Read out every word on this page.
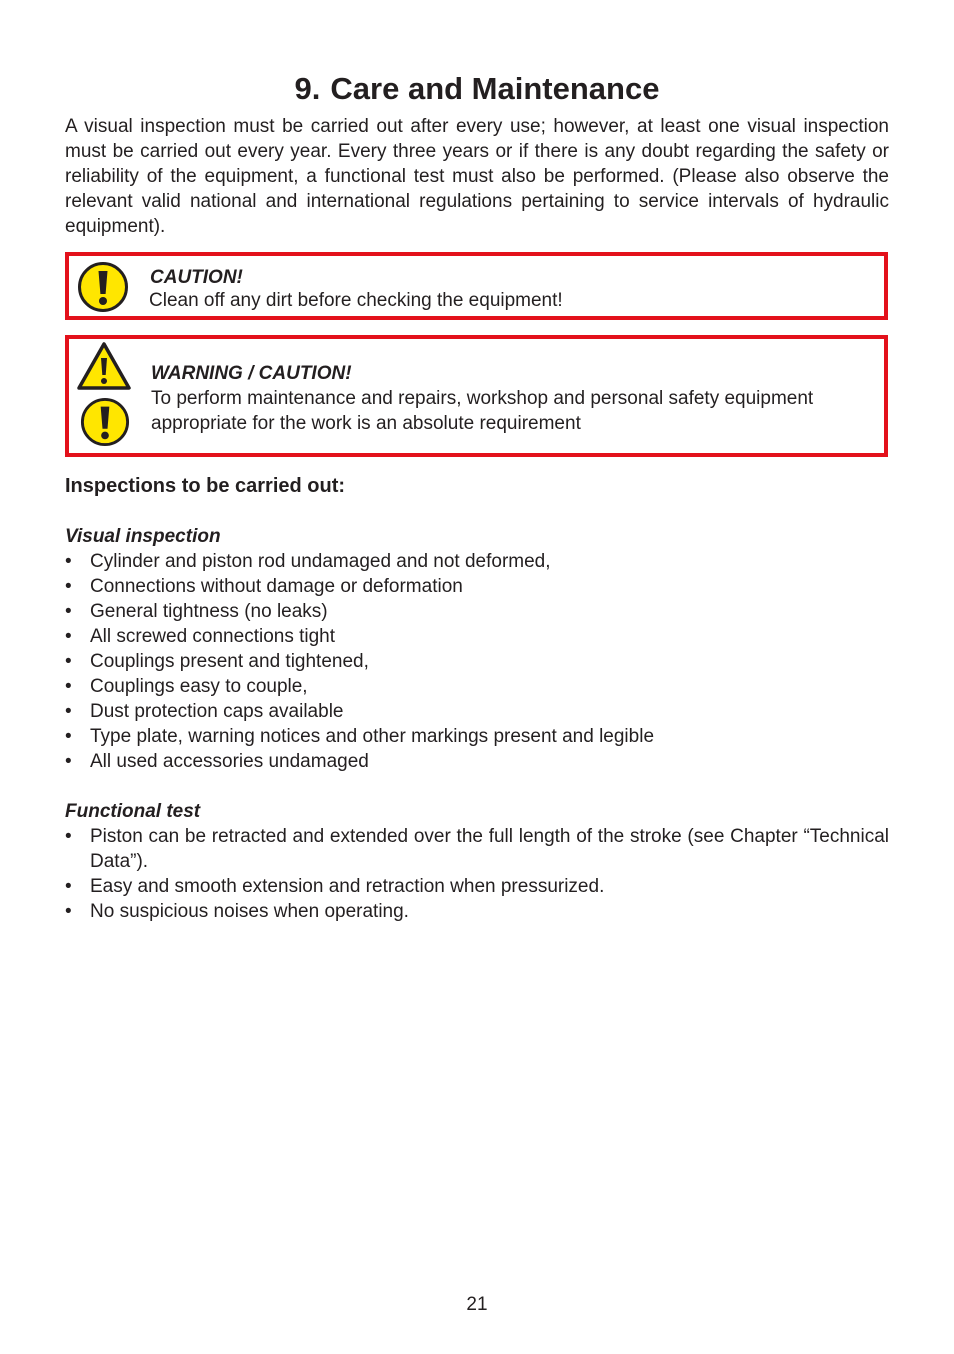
9. Care and Maintenance

A visual inspection must be carried out after every use; however, at least one visual inspection must be carried out every year. Every three years or if there is any doubt regarding the safety or reliability of the equipment, a functional test must also be performed. (Please also observe the relevant valid national and international regulations pertaining to service intervals of hydraulic equipment).

CAUTION!
Clean off any dirt before checking the equipment!
WARNING / CAUTION!
To perform maintenance and repairs, workshop and personal safety equipment appropriate for the work is an absolute requirement
Inspections to be carried out:
Visual inspection
• Cylinder and piston rod undamaged and not deformed,
• Connections without damage or deformation
• General tightness (no leaks)
• All screwed connections tight
• Couplings present and tightened,
• Couplings easy to couple,
• Dust protection caps available
• Type plate, warning notices and other markings present and legible
• All used accessories undamaged
Functional test
• Piston can be retracted and extended over the full length of the stroke (see Chapter “Technical Data”).
• Easy and smooth extension and retraction when pressurized.
• No suspicious noises when operating.
21
